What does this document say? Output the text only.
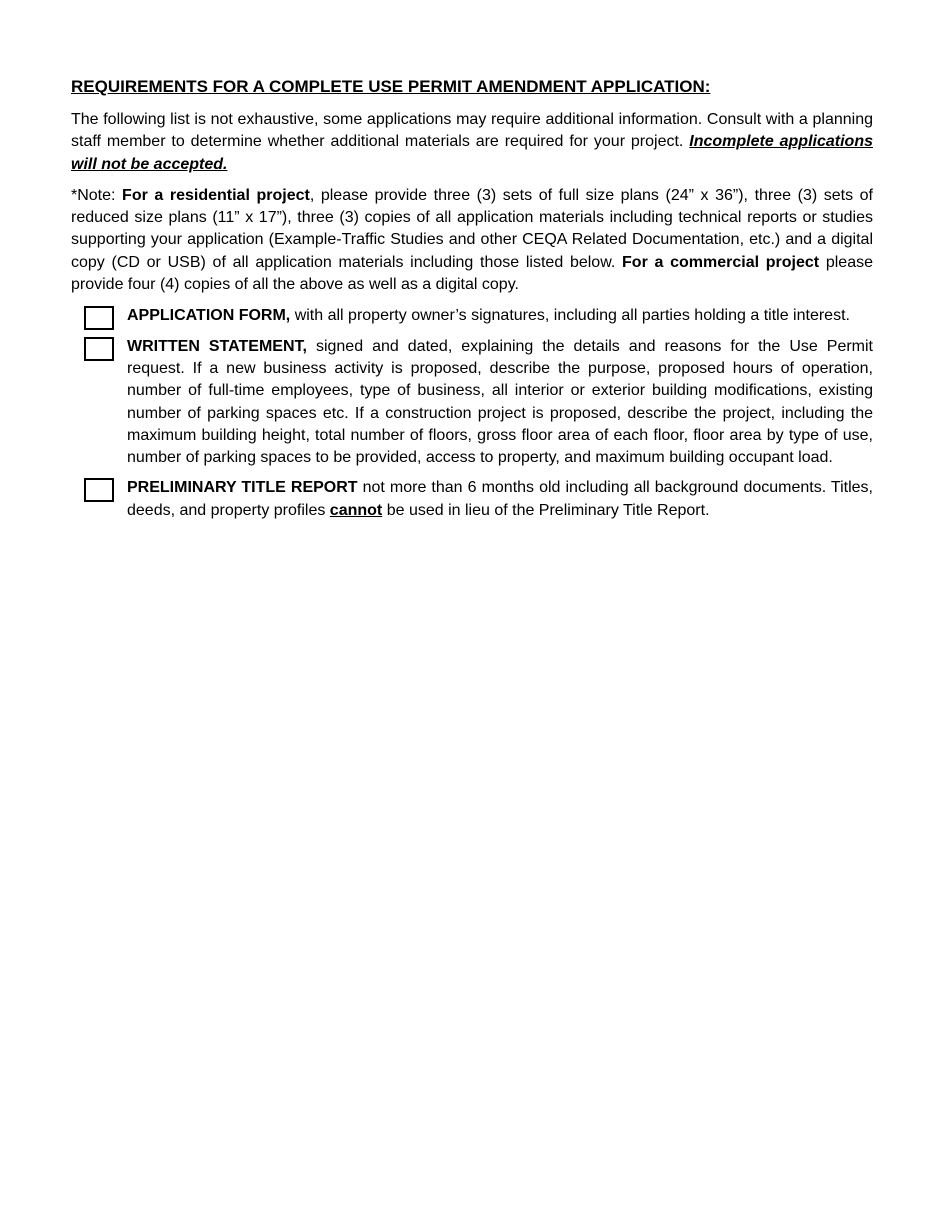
REQUIREMENTS FOR A COMPLETE USE PERMIT AMENDMENT APPLICATION:

The following list is not exhaustive, some applications may require additional information. Consult with a planning staff member to determine whether additional materials are required for your project. Incomplete applications will not be accepted.

*Note: For a residential project, please provide three (3) sets of full size plans (24” x 36”), three (3) sets of reduced size plans (11” x 17”), three (3) copies of all application materials including technical reports or studies supporting your application (Example-Traffic Studies and other CEQA Related Documentation, etc.) and a digital copy (CD or USB) of all application materials including those listed below. For a commercial project please provide four (4) copies of all the above as well as a digital copy.

APPLICATION FORM, with all property owner’s signatures, including all parties holding a title interest.

WRITTEN STATEMENT, signed and dated, explaining the details and reasons for the Use Permit request. If a new business activity is proposed, describe the purpose, proposed hours of operation, number of full-time employees, type of business, all interior or exterior building modifications, existing number of parking spaces etc. If a construction project is proposed, describe the project, including the maximum building height, total number of floors, gross floor area of each floor, floor area by type of use, number of parking spaces to be provided, access to property, and maximum building occupant load.

PRELIMINARY TITLE REPORT not more than 6 months old including all background documents. Titles, deeds, and property profiles cannot be used in lieu of the Preliminary Title Report.
